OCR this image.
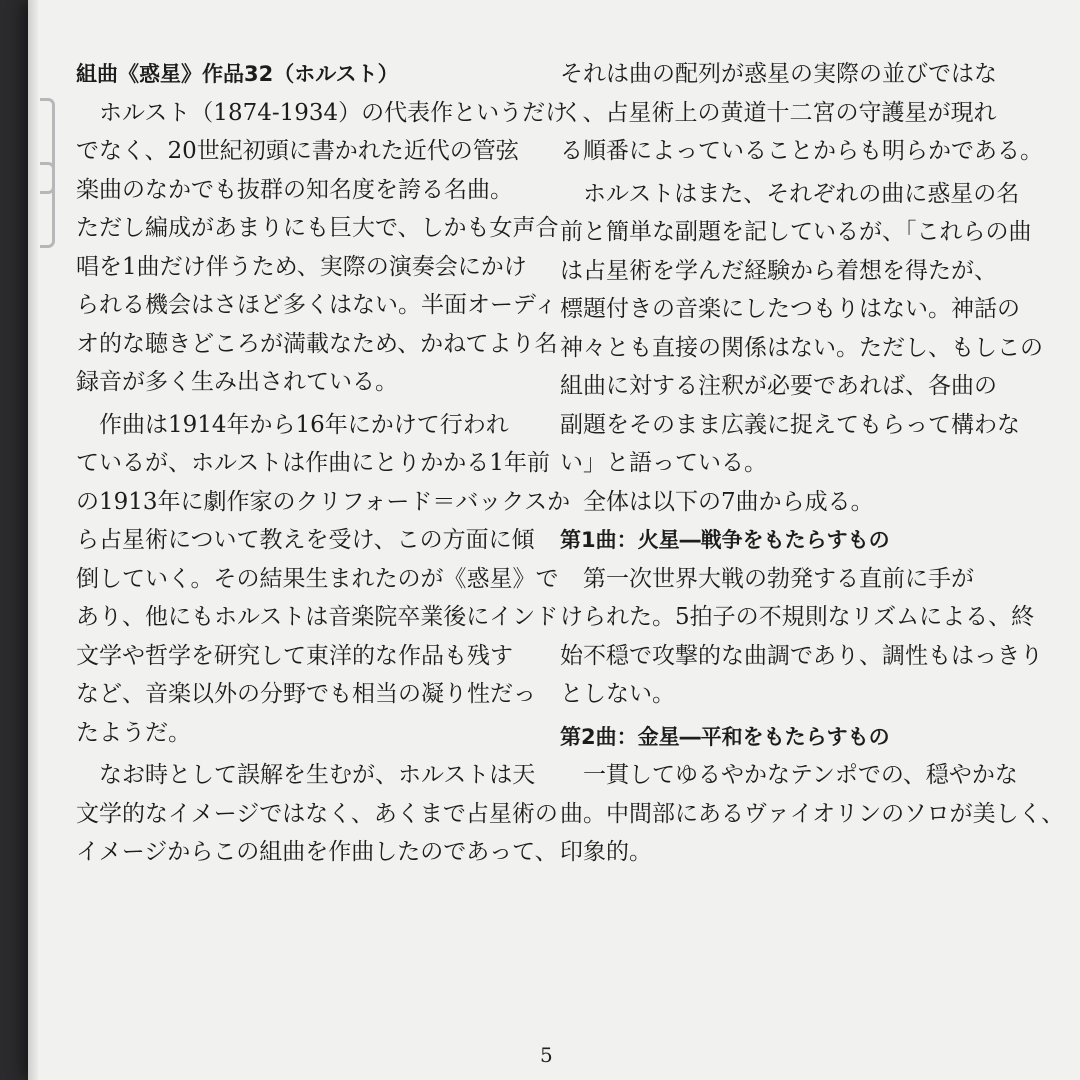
組曲《惑星》作品32（ホルスト）
ホルスト（1874-1934）の代表作というだけ
でなく、20世紀初頭に書かれた近代の管弦
楽曲のなかでも抜群の知名度を誇る名曲。
ただし編成があまりにも巨大で、しかも女声合
唱を1曲だけ伴うため、実際の演奏会にかけ
られる機会はさほど多くはない。半面オーディ
オ的な聴きどころが満載なため、かねてより名
録音が多く生み出されている。
作曲は1914年から16年にかけて行われ
ているが、ホルストは作曲にとりかかる1年前
の1913年に劇作家のクリフォード＝バックスか
ら占星術について教えを受け、この方面に傾
倒していく。その結果生まれたのが《惑星》で
あり、他にもホルストは音楽院卒業後にインド
文学や哲学を研究して東洋的な作品も残す
など、音楽以外の分野でも相当の凝り性だっ
たようだ。
なお時として誤解を生むが、ホルストは天
文学的なイメージではなく、あくまで占星術の
イメージからこの組曲を作曲したのであって、
それは曲の配列が惑星の実際の並びではな
く、占星術上の黄道十二宮の守護星が現れ
る順番によっていることからも明らかである。
ホルストはまた、それぞれの曲に惑星の名
前と簡単な副題を記しているが、「これらの曲
は占星術を学んだ経験から着想を得たが、
標題付きの音楽にしたつもりはない。神話の
神々とも直接の関係はない。ただし、もしこの
組曲に対する注釈が必要であれば、各曲の
副題をそのまま広義に捉えてもらって構わな
い」と語っている。
全体は以下の7曲から成る。
第1曲：火星―戦争をもたらすもの
第一次世界大戦の勃発する直前に手が
けられた。5拍子の不規則なリズムによる、終
始不穏で攻撃的な曲調であり、調性もはっきり
としない。
第2曲：金星―平和をもたらすもの
一貫してゆるやかなテンポでの、穏やかな
曲。中間部にあるヴァイオリンのソロが美しく、
印象的。
5
